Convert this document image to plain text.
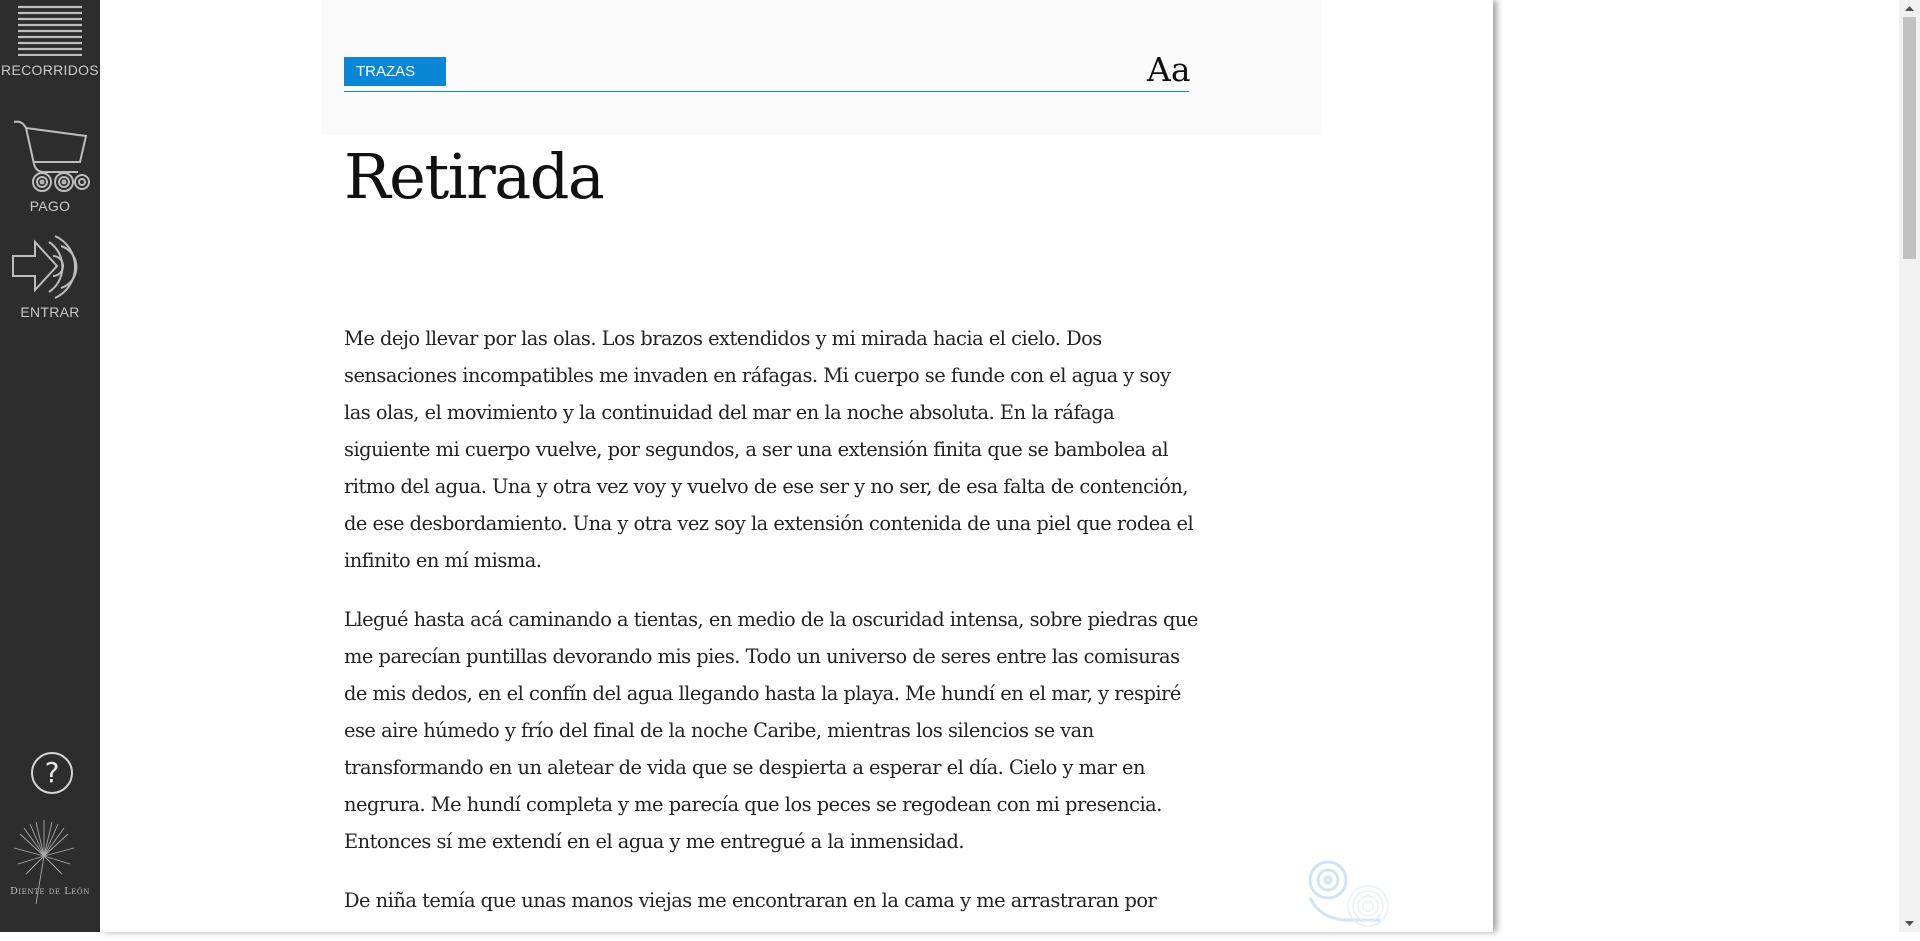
RECORRIDOS
PAGO
ENTRAR
?
Diente de León
TRAZAS	Aa
Retirada

Me dejo llevar por las olas. Los brazos extendidos y mi mirada hacia el cielo. Dos sensaciones incompatibles me invaden en ráfagas. Mi cuerpo se funde con el agua y soy las olas, el movimiento y la continuidad del mar en la noche absoluta. En la ráfaga siguiente mi cuerpo vuelve, por segundos, a ser una extensión finita que se bambolea al ritmo del agua. Una y otra vez voy y vuelvo de ese ser y no ser, de esa falta de contención, de ese desbordamiento. Una y otra vez soy la extensión contenida de una piel que rodea el infinito en mí misma.

Llegué hasta acá caminando a tientas, en medio de la oscuridad intensa, sobre piedras que me parecían puntillas devorando mis pies. Todo un universo de seres entre las comisuras de mis dedos, en el confín del agua llegando hasta la playa. Me hundí en el mar, y respiré ese aire húmedo y frío del final de la noche Caribe, mientras los silencios se van transformando en un aletear de vida que se despierta a esperar el día. Cielo y mar en negrura. Me hundí completa y me parecía que los peces se regodean con mi presencia. Entonces sí me extendí en el agua y me entregué a la inmensidad.

De niña temía que unas manos viejas me encontraran en la cama y me arrastraran por
